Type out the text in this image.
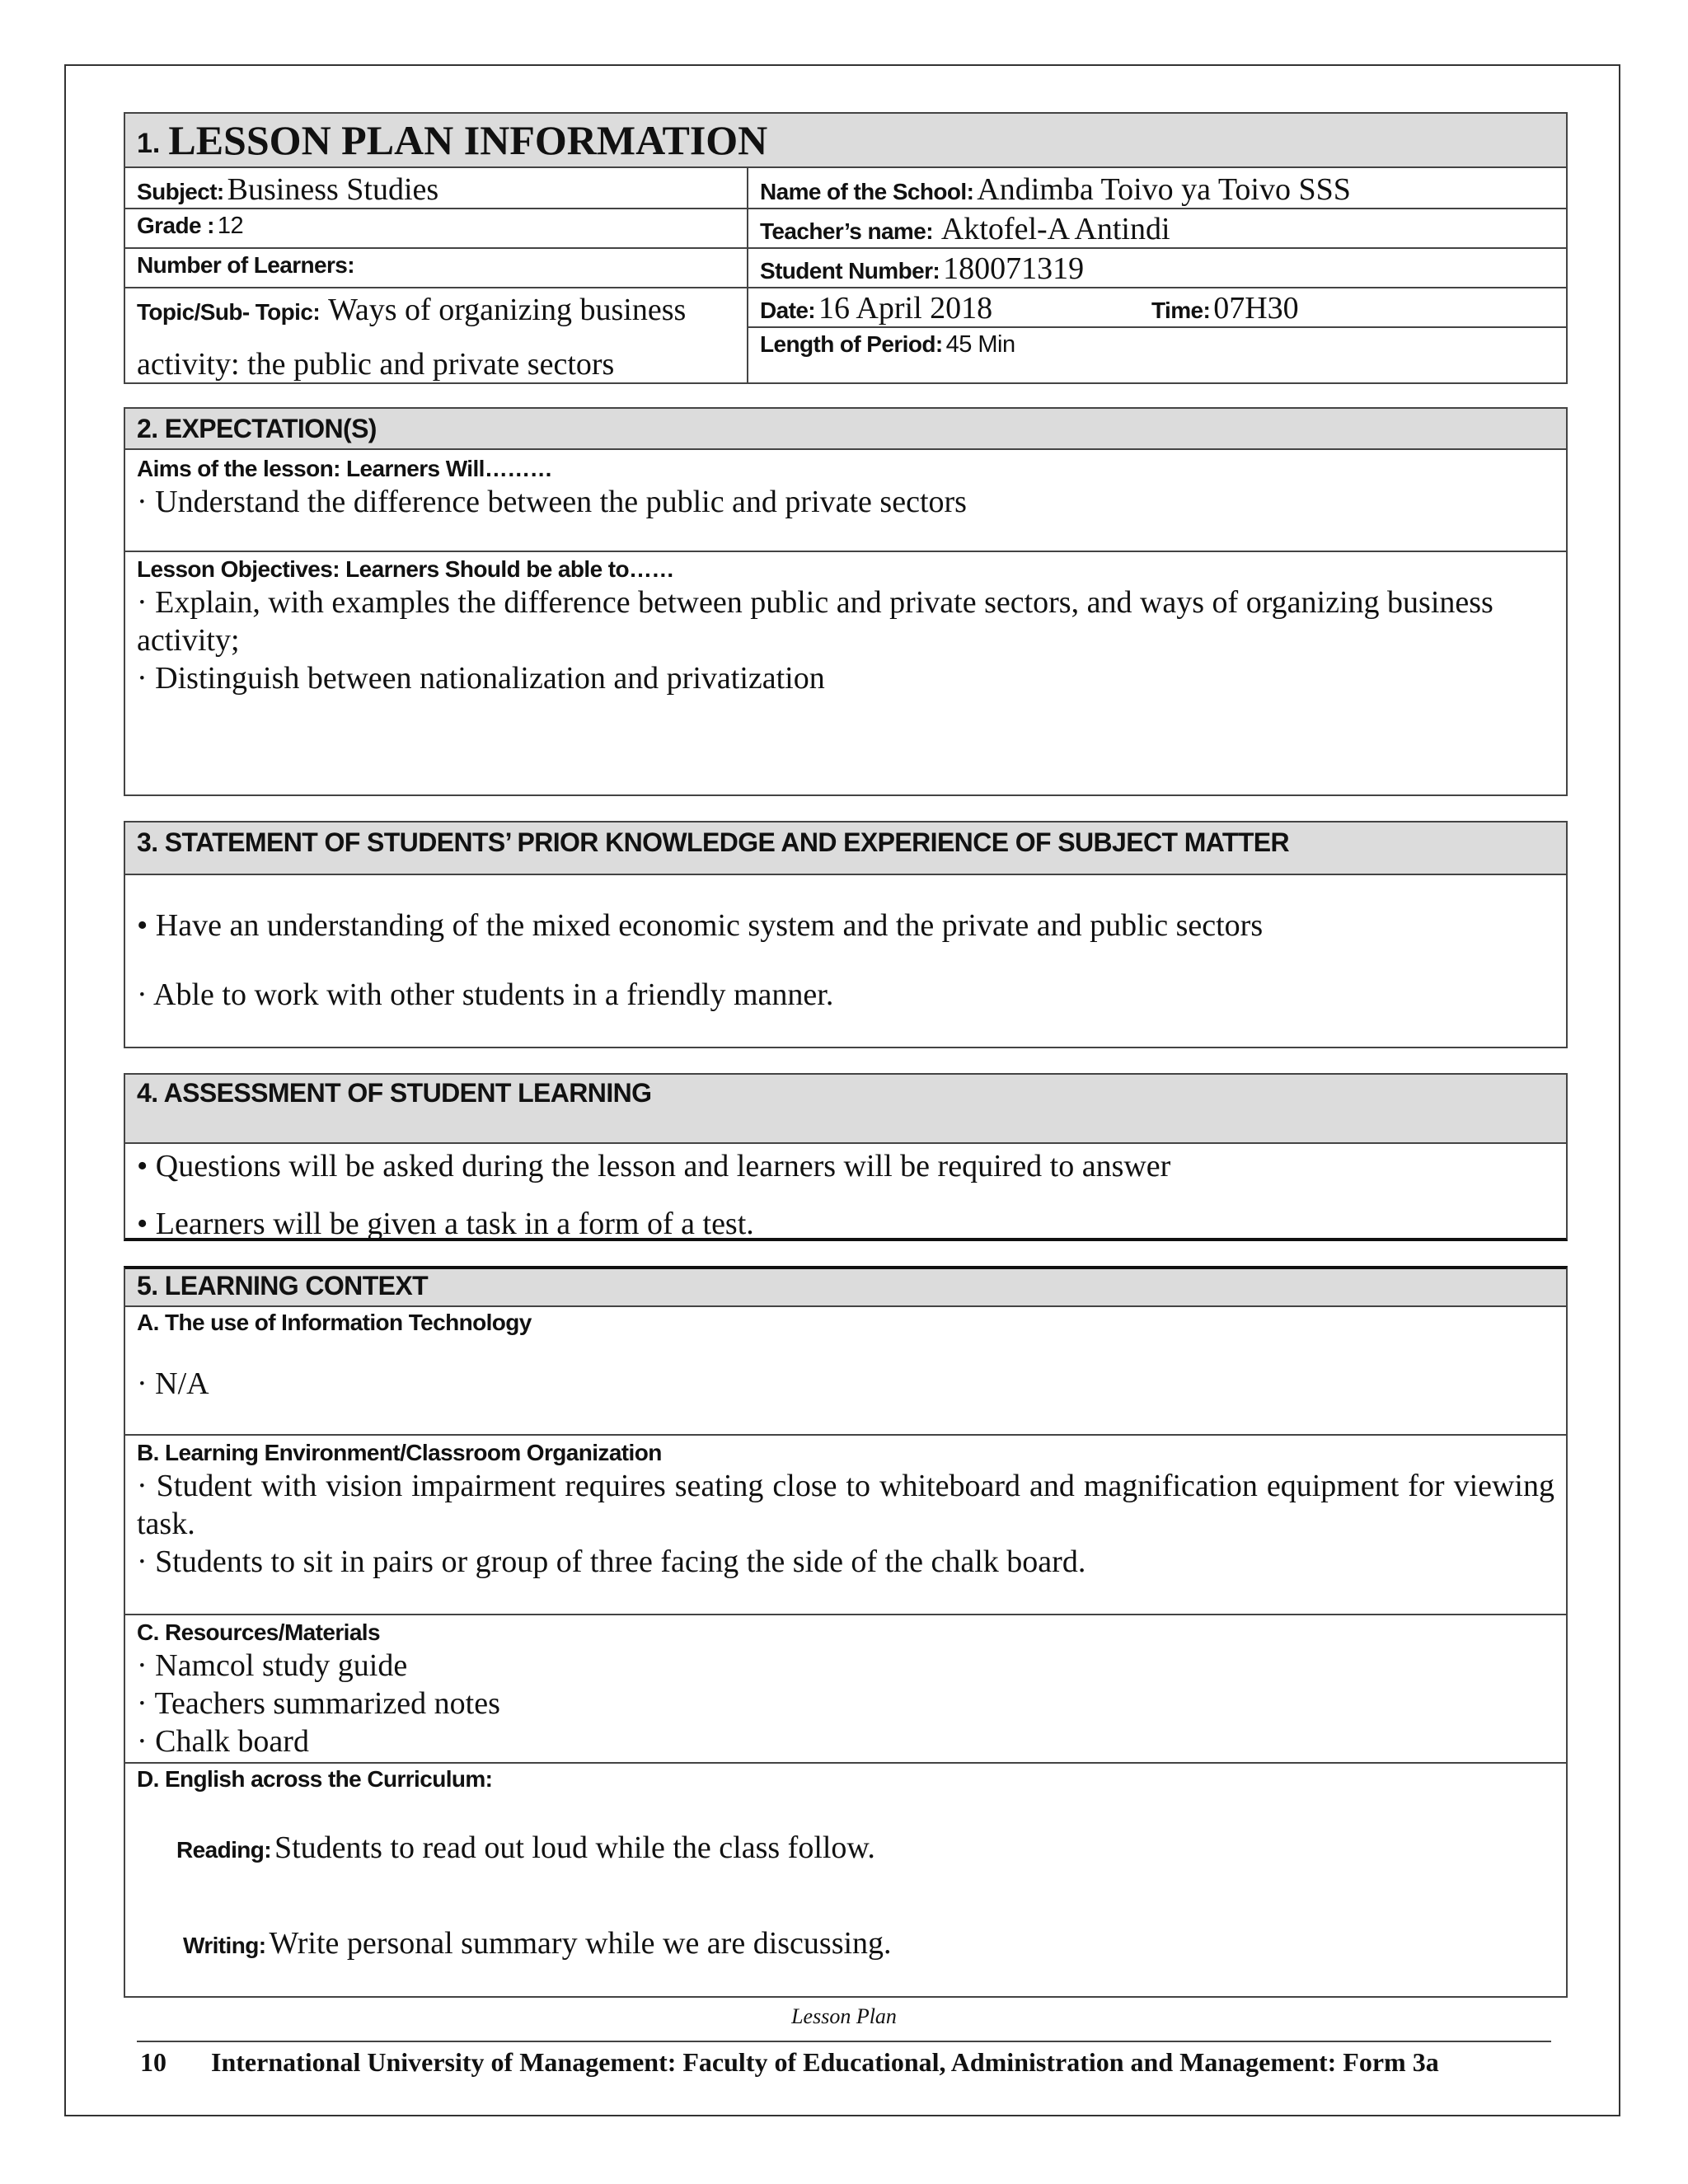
1. LESSON PLAN INFORMATION
Subject: Business Studies	Name of the School: Andimba Toivo ya Toivo SSS
Grade : 12	Teacher’s name: Aktofel-A Antindi
Number of Learners:	Student Number: 180071319

Topic/Sub- Topic: Ways of organizing business
activity: the public and private sectors	Date: 16 April 2018 Time: 07H30
	Length of Period: 45 Min
2. EXPECTATION(S)
Aims of the lesson: Learners Will………
· Understand the difference between the public and private sectors
Lesson Objectives: Learners Should be able to……
· Explain, with examples the difference between public and private sectors, and ways of organizing business activity;
· Distinguish between nationalization and privatization
3. STATEMENT OF STUDENTS’ PRIOR KNOWLEDGE AND EXPERIENCE OF SUBJECT MATTER
• Have an understanding of the mixed economic system and the private and public sectors
· Able to work with other students in a friendly manner.
4. ASSESSMENT OF STUDENT LEARNING
• Questions will be asked during the lesson and learners will be required to answer
• Learners will be given a task in a form of a test.
5. LEARNING CONTEXT
A. The use of Information Technology
· N/A
B. Learning Environment/Classroom Organization
· Student with vision impairment requires seating close to whiteboard and magnification equipment for viewing task.
· Students to sit in pairs or group of three facing the side of the chalk board.
C. Resources/Materials
· Namcol study guide
· Teachers summarized notes
· Chalk board
D. English across the Curriculum:
Reading: Students to read out loud while the class follow.
Writing: Write personal summary while we are discussing.
Lesson Plan
10 International University of Management: Faculty of Educational, Administration and Management: Form 3a
